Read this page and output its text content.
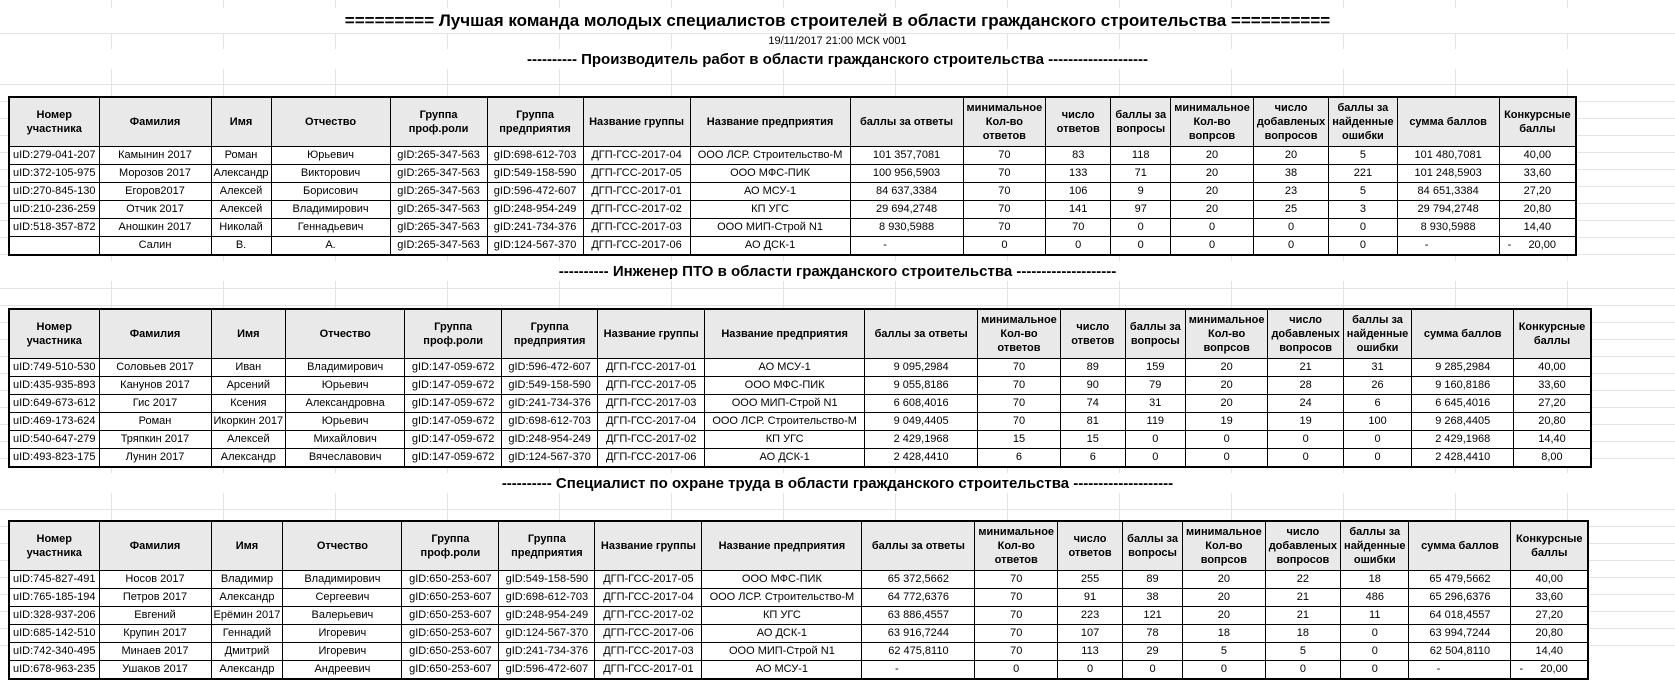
========= Лучшая команда молодых специалистов строителей в области гражданского строительства ==========
19/11/2017 21:00 МСК v001
---------- Производитель работ в области гражданского строительства --------------------
Номер участника	Фамилия	Имя	Отчество	Группа проф.роли	Группа предприятия	Название группы	Название предприятия	баллы за ответы	минимальное Кол-во ответов	число ответов	баллы за вопросы	минимальное Кол-во вопрсов	число добавленых вопросов	баллы за найденные ошибки	сумма баллов	Конкурсные баллы
uID:279-041-207	Камынин 2017	Роман	Юрьевич	gID:265-347-563	gID:698-612-703	ДГП-ГСС-2017-04	ООО ЛСР. Строительство-М	101 357,7081	70	83	118	20	20	5	101 480,7081	40,00
uID:372-105-975	Морозов 2017	Александр	Викторович	gID:265-347-563	gID:549-158-590	ДГП-ГСС-2017-05	ООО МФС-ПИК	100 956,5903	70	133	71	20	38	221	101 248,5903	33,60
uID:270-845-130	Егоров2017	Алексей	Борисович	gID:265-347-563	gID:596-472-607	ДГП-ГСС-2017-01	АО МСУ-1	84 637,3384	70	106	9	20	23	5	84 651,3384	27,20
uID:210-236-259	Отчик 2017	Алексей	Владимирович	gID:265-347-563	gID:248-954-249	ДГП-ГСС-2017-02	КП УГС	29 694,2748	70	141	97	20	25	3	29 794,2748	20,80
uID:518-357-872	Аношкин 2017	Николай	Геннадьевич	gID:265-347-563	gID:241-734-376	ДГП-ГСС-2017-03	ООО МИП-Строй N1	8 930,5988	70	70	0	0	0	0	8 930,5988	14,40
	Салин	В.	А.	gID:265-347-563	gID:124-567-370	ДГП-ГСС-2017-06	АО ДСК-1	-	0	0	0	0	0	0	-	- 20,00
---------- Инженер ПТО в области гражданского строительства --------------------
Номер участника	Фамилия	Имя	Отчество	Группа проф.роли	Группа предприятия	Название группы	Название предприятия	баллы за ответы	минимальное Кол-во ответов	число ответов	баллы за вопросы	минимальное Кол-во вопрсов	число добавленых вопросов	баллы за найденные ошибки	сумма баллов	Конкурсные баллы
uID:749-510-530	Соловьев 2017	Иван	Владимирович	gID:147-059-672	gID:596-472-607	ДГП-ГСС-2017-01	АО МСУ-1	9 095,2984	70	89	159	20	21	31	9 285,2984	40,00
uID:435-935-893	Канунов 2017	Арсений	Юрьевич	gID:147-059-672	gID:549-158-590	ДГП-ГСС-2017-05	ООО МФС-ПИК	9 055,8186	70	90	79	20	28	26	9 160,8186	33,60
uID:649-673-612	Гис 2017	Ксения	Александровна	gID:147-059-672	gID:241-734-376	ДГП-ГСС-2017-03	ООО МИП-Строй N1	6 608,4016	70	74	31	20	24	6	6 645,4016	27,20
uID:469-173-624	Роман	Икоркин 2017	Юрьевич	gID:147-059-672	gID:698-612-703	ДГП-ГСС-2017-04	ООО ЛСР. Строительство-М	9 049,4405	70	81	119	19	19	100	9 268,4405	20,80
uID:540-647-279	Тряпкин 2017	Алексей	Михайлович	gID:147-059-672	gID:248-954-249	ДГП-ГСС-2017-02	КП УГС	2 429,1968	15	15	0	0	0	0	2 429,1968	14,40
uID:493-823-175	Лунин 2017	Александр	Вячеславович	gID:147-059-672	gID:124-567-370	ДГП-ГСС-2017-06	АО ДСК-1	2 428,4410	6	6	0	0	0	0	2 428,4410	8,00
---------- Специалист по охране труда в области гражданского строительства --------------------
Номер участника	Фамилия	Имя	Отчество	Группа проф.роли	Группа предприятия	Название группы	Название предприятия	баллы за ответы	минимальное Кол-во ответов	число ответов	баллы за вопросы	минимальное Кол-во вопрсов	число добавленых вопросов	баллы за найденные ошибки	сумма баллов	Конкурсные баллы
uID:745-827-491	Носов 2017	Владимир	Владимирович	gID:650-253-607	gID:549-158-590	ДГП-ГСС-2017-05	ООО МФС-ПИК	65 372,5662	70	255	89	20	22	18	65 479,5662	40,00
uID:765-185-194	Петров 2017	Александр	Сергеевич	gID:650-253-607	gID:698-612-703	ДГП-ГСС-2017-04	ООО ЛСР. Строительство-М	64 772,6376	70	91	38	20	21	486	65 296,6376	33,60
uID:328-937-206	Евгений	Ерёмин 2017	Валерьевич	gID:650-253-607	gID:248-954-249	ДГП-ГСС-2017-02	КП УГС	63 886,4557	70	223	121	20	21	11	64 018,4557	27,20
uID:685-142-510	Крупин 2017	Геннадий	Игоревич	gID:650-253-607	gID:124-567-370	ДГП-ГСС-2017-06	АО ДСК-1	63 916,7244	70	107	78	18	18	0	63 994,7244	20,80
uID:742-340-495	Минаев 2017	Дмитрий	Игоревич	gID:650-253-607	gID:241-734-376	ДГП-ГСС-2017-03	ООО МИП-Строй N1	62 475,8110	70	113	29	5	5	0	62 504,8110	14,40
uID:678-963-235	Ушаков 2017	Александр	Андреевич	gID:650-253-607	gID:596-472-607	ДГП-ГСС-2017-01	АО МСУ-1	-	0	0	0	0	0	0	-	- 20,00
